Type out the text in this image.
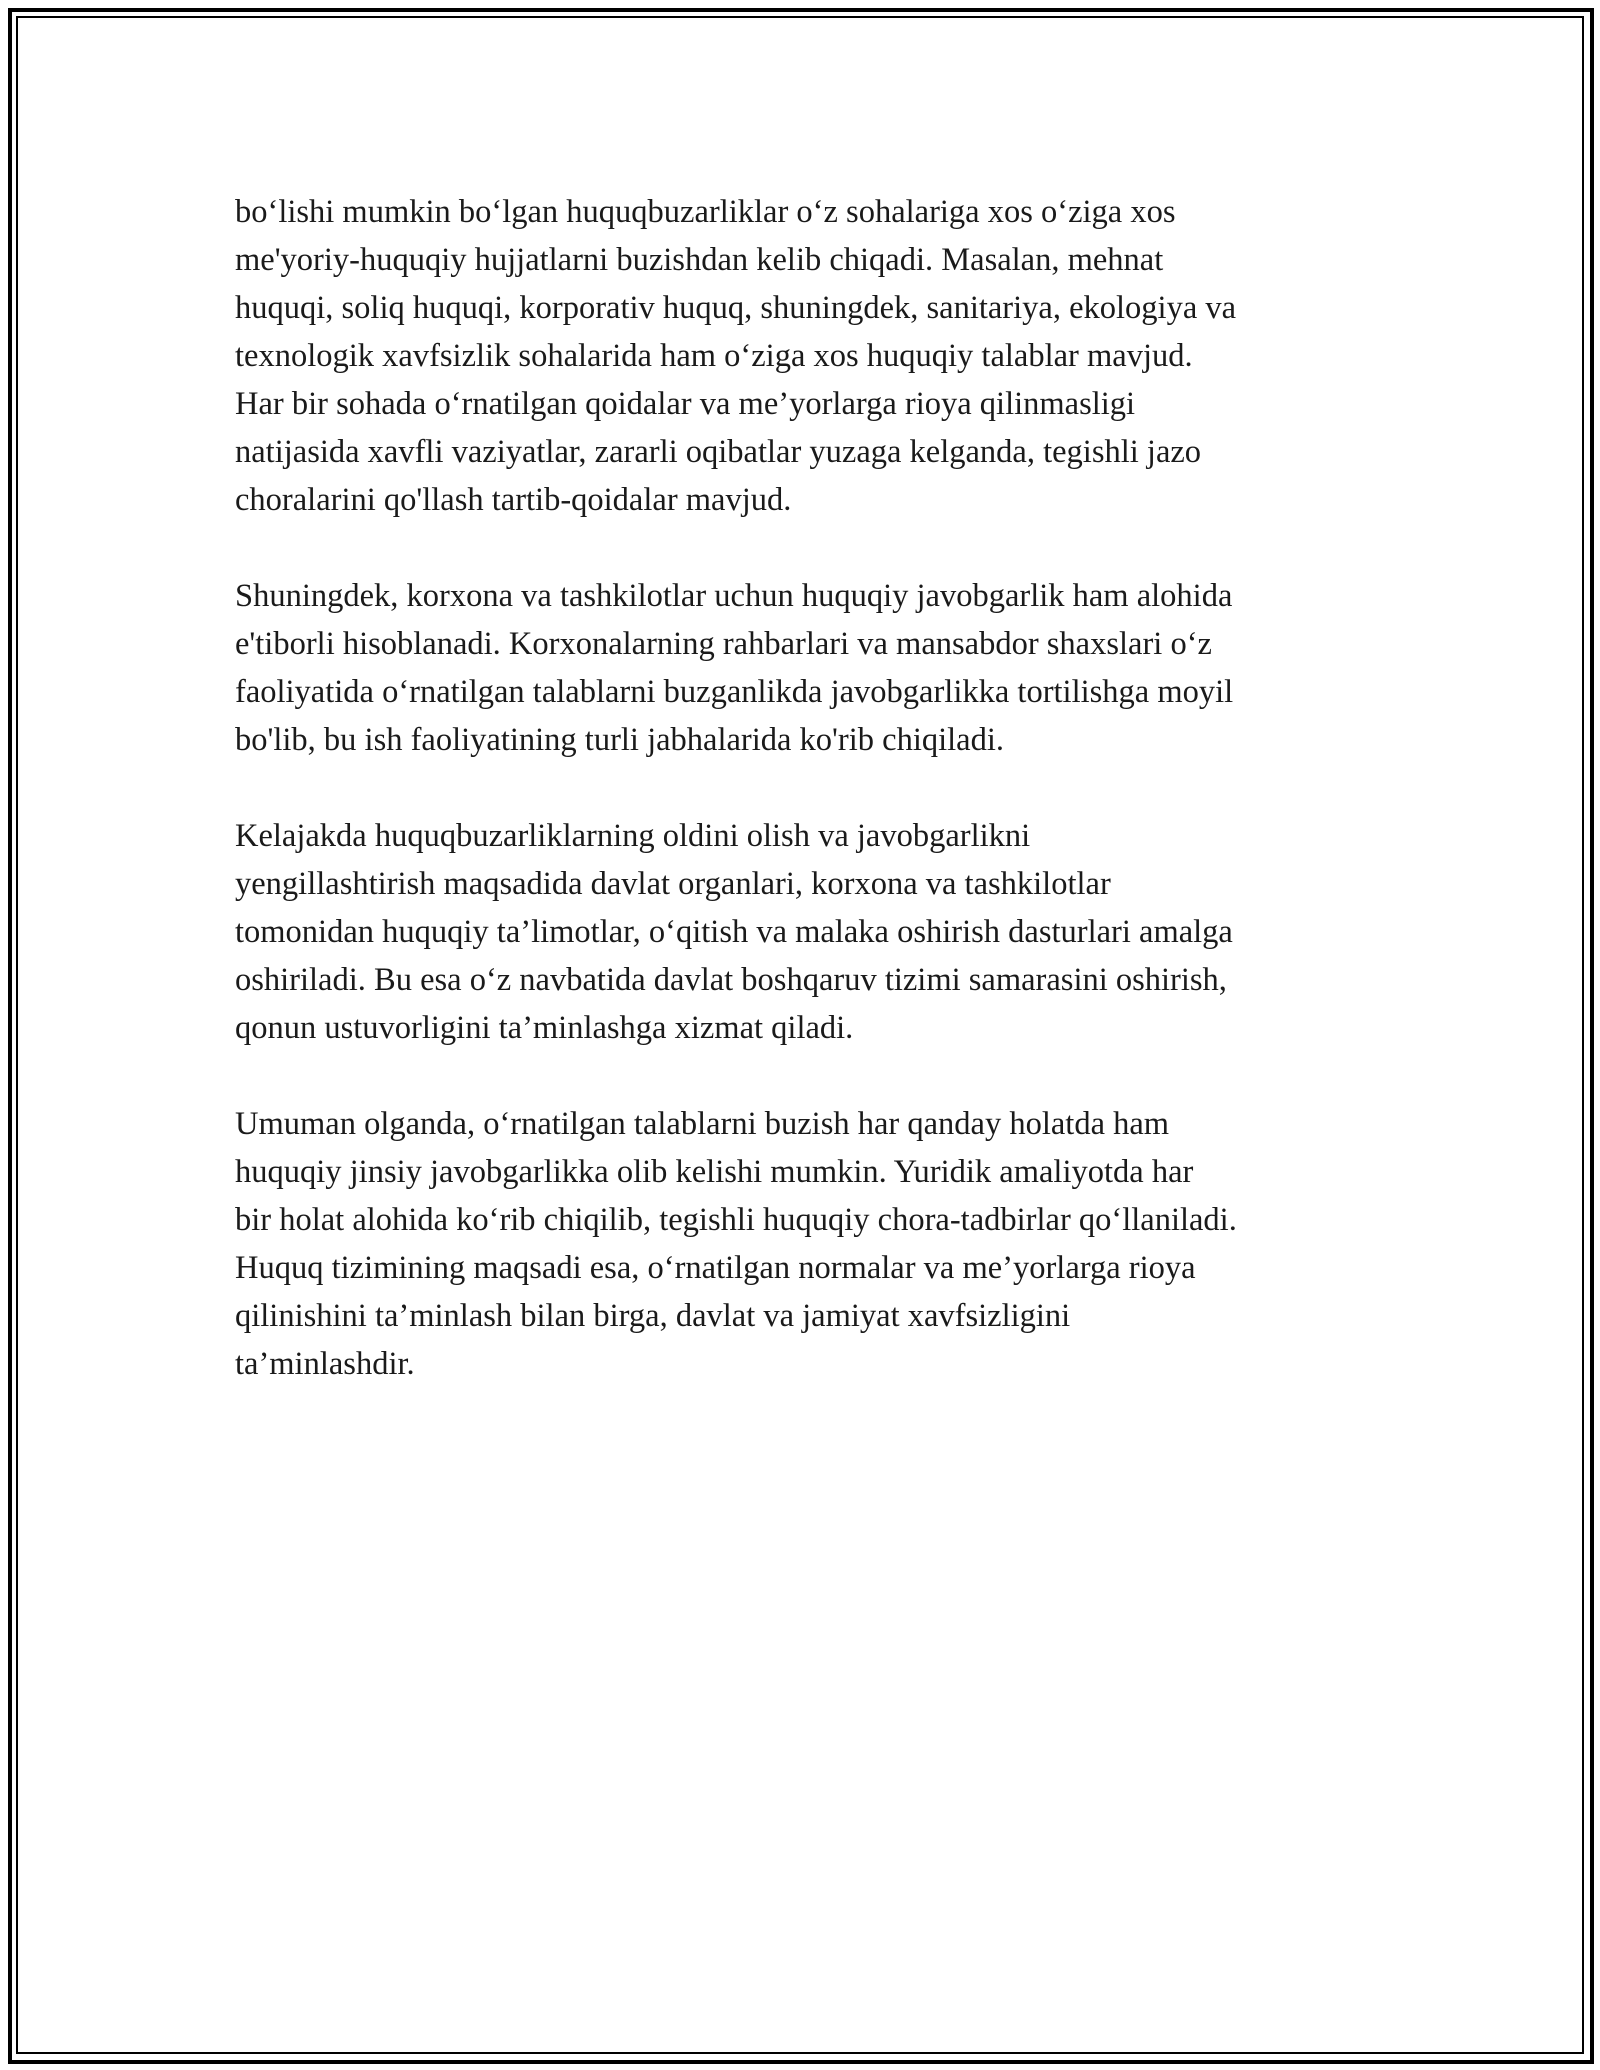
bo‘lishi mumkin bo‘lgan huquqbuzarliklar o‘z sohalariga xos o‘ziga xos
me'yoriy-huquqiy hujjatlarni buzishdan kelib chiqadi. Masalan, mehnat
huquqi, soliq huquqi, korporativ huquq, shuningdek, sanitariya, ekologiya va
texnologik xavfsizlik sohalarida ham o‘ziga xos huquqiy talablar mavjud.
Har bir sohada o‘rnatilgan qoidalar va me’yorlarga rioya qilinmasligi
natijasida xavfli vaziyatlar, zararli oqibatlar yuzaga kelganda, tegishli jazo
choralarini qo'llash tartib-qoidalar mavjud.

Shuningdek, korxona va tashkilotlar uchun huquqiy javobgarlik ham alohida
e'tiborli hisoblanadi. Korxonalarning rahbarlari va mansabdor shaxslari o‘z
faoliyatida o‘rnatilgan talablarni buzganlikda javobgarlikka tortilishga moyil
bo'lib, bu ish faoliyatining turli jabhalarida ko'rib chiqiladi.

Kelajakda huquqbuzarliklarning oldini olish va javobgarlikni
yengillashtirish maqsadida davlat organlari, korxona va tashkilotlar
tomonidan huquqiy ta’limotlar, o‘qitish va malaka oshirish dasturlari amalga
oshiriladi. Bu esa o‘z navbatida davlat boshqaruv tizimi samarasini oshirish,
qonun ustuvorligini ta’minlashga xizmat qiladi.

Umuman olganda, o‘rnatilgan talablarni buzish har qanday holatda ham
huquqiy jinsiy javobgarlikka olib kelishi mumkin. Yuridik amaliyotda har
bir holat alohida ko‘rib chiqilib, tegishli huquqiy chora-tadbirlar qo‘llaniladi.
Huquq tizimining maqsadi esa, o‘rnatilgan normalar va me’yorlarga rioya
qilinishini ta’minlash bilan birga, davlat va jamiyat xavfsizligini
ta’minlashdir.
